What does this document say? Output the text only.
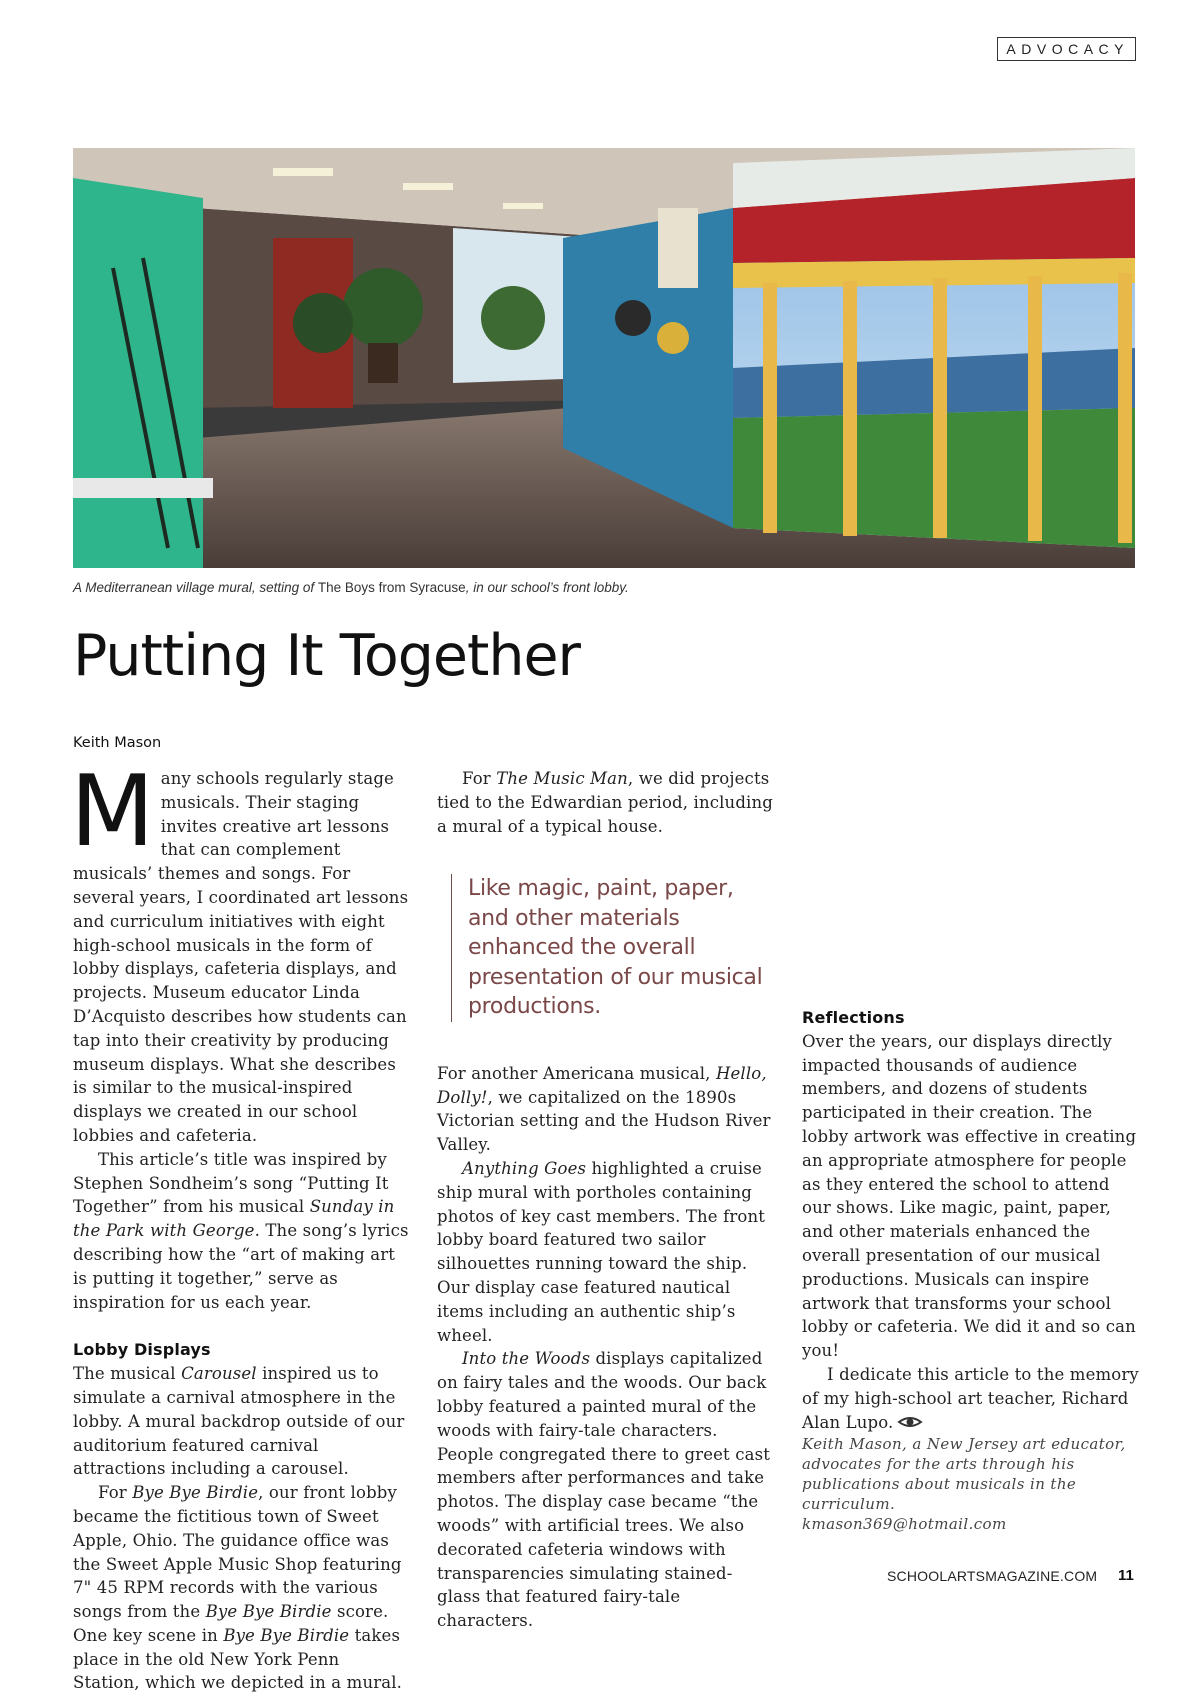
ADVOCACY
A Mediterranean village mural, setting of The Boys from Syracuse, in our school’s front lobby.
Putting It Together
Keith Mason

Many schools regularly stage musicals. Their staging invites creative art lessons that can complement musicals’ themes and songs. For several years, I coordinated art lessons and curriculum initiatives with eight high-school musicals in the form of lobby displays, cafeteria displays, and projects. Museum educator Linda D’Acquisto describes how students can tap into their creativity by producing museum displays. What she describes is similar to the musical-inspired displays we created in our school lobbies and cafeteria.

This article’s title was inspired by Stephen Sondheim’s song “Putting It Together” from his musical Sunday in the Park with George. The song’s lyrics describing how the “art of making art is putting it together,” serve as inspiration for us each year.

Lobby Displays

The musical Carousel inspired us to simulate a carnival atmosphere in the lobby. A mural backdrop outside of our auditorium featured carnival attractions including a carousel.

For Bye Bye Birdie, our front lobby became the fictitious town of Sweet Apple, Ohio. The guidance office was the Sweet Apple Music Shop featuring 7" 45 RPM records with the various songs from the Bye Bye Birdie score. One key scene in Bye Bye Birdie takes place in the old New York Penn Station, which we depicted in a mural.

For The Music Man, we did projects tied to the Edwardian period, including a mural of a typical house.

Like magic, paint, paper, and other materials enhanced the overall presentation of our musical productions.

For another Americana musical, Hello, Dolly!, we capitalized on the 1890s Victorian setting and the Hudson River Valley.

Anything Goes highlighted a cruise ship mural with portholes containing photos of key cast members. The front lobby board featured two sailor silhouettes running toward the ship. Our display case featured nautical items including an authentic ship’s wheel.

Into the Woods displays capitalized on fairy tales and the woods. Our back lobby featured a painted mural of the woods with fairy-tale characters. People congregated there to greet cast members after performances and take photos. The display case became “the woods” with artificial trees. We also decorated cafeteria windows with transparencies simulating stained-glass that featured fairy-tale characters.

Reflections

Over the years, our displays directly impacted thousands of audience members, and dozens of students participated in their creation. The lobby artwork was effective in creating an appropriate atmosphere for people as they entered the school to attend our shows. Like magic, paint, paper, and other materials enhanced the overall presentation of our musical productions. Musicals can inspire artwork that transforms your school lobby or cafeteria. We did it and so can you!

I dedicate this article to the memory of my high-school art teacher, Richard Alan Lupo.

Keith Mason, a New Jersey art educator, advocates for the arts through his publications about musicals in the curriculum.
kmason369@hotmail.com

SCHOOLARTSMAGAZINE.COM 11
